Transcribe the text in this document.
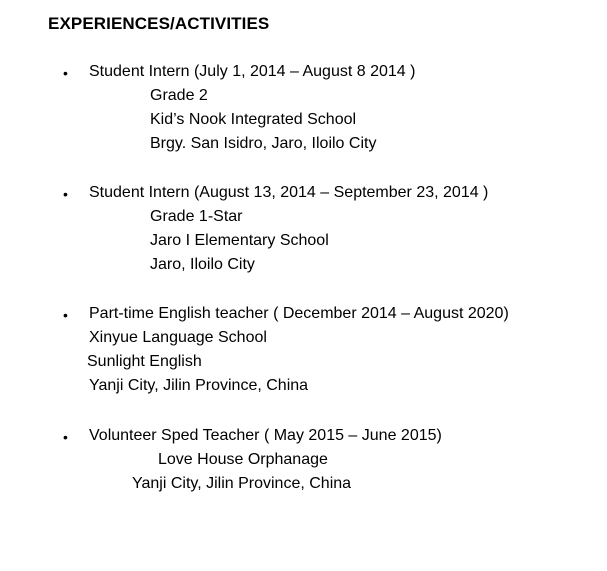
EXPERIENCES/ACTIVITIES
• Student Intern (July 1, 2014 – August 8 2014 )
Grade 2
Kid’s Nook Integrated School
Brgy. San Isidro, Jaro, Iloilo City
• Student Intern (August 13, 2014 – September 23, 2014 )
Grade 1-Star
Jaro I Elementary School
Jaro, Iloilo City
• Part-time English teacher ( December 2014 – August 2020)
Xinyue Language School
Sunlight English
Yanji City, Jilin Province, China
• Volunteer Sped Teacher ( May 2015 – June 2015)
Love House Orphanage
Yanji City, Jilin Province, China
